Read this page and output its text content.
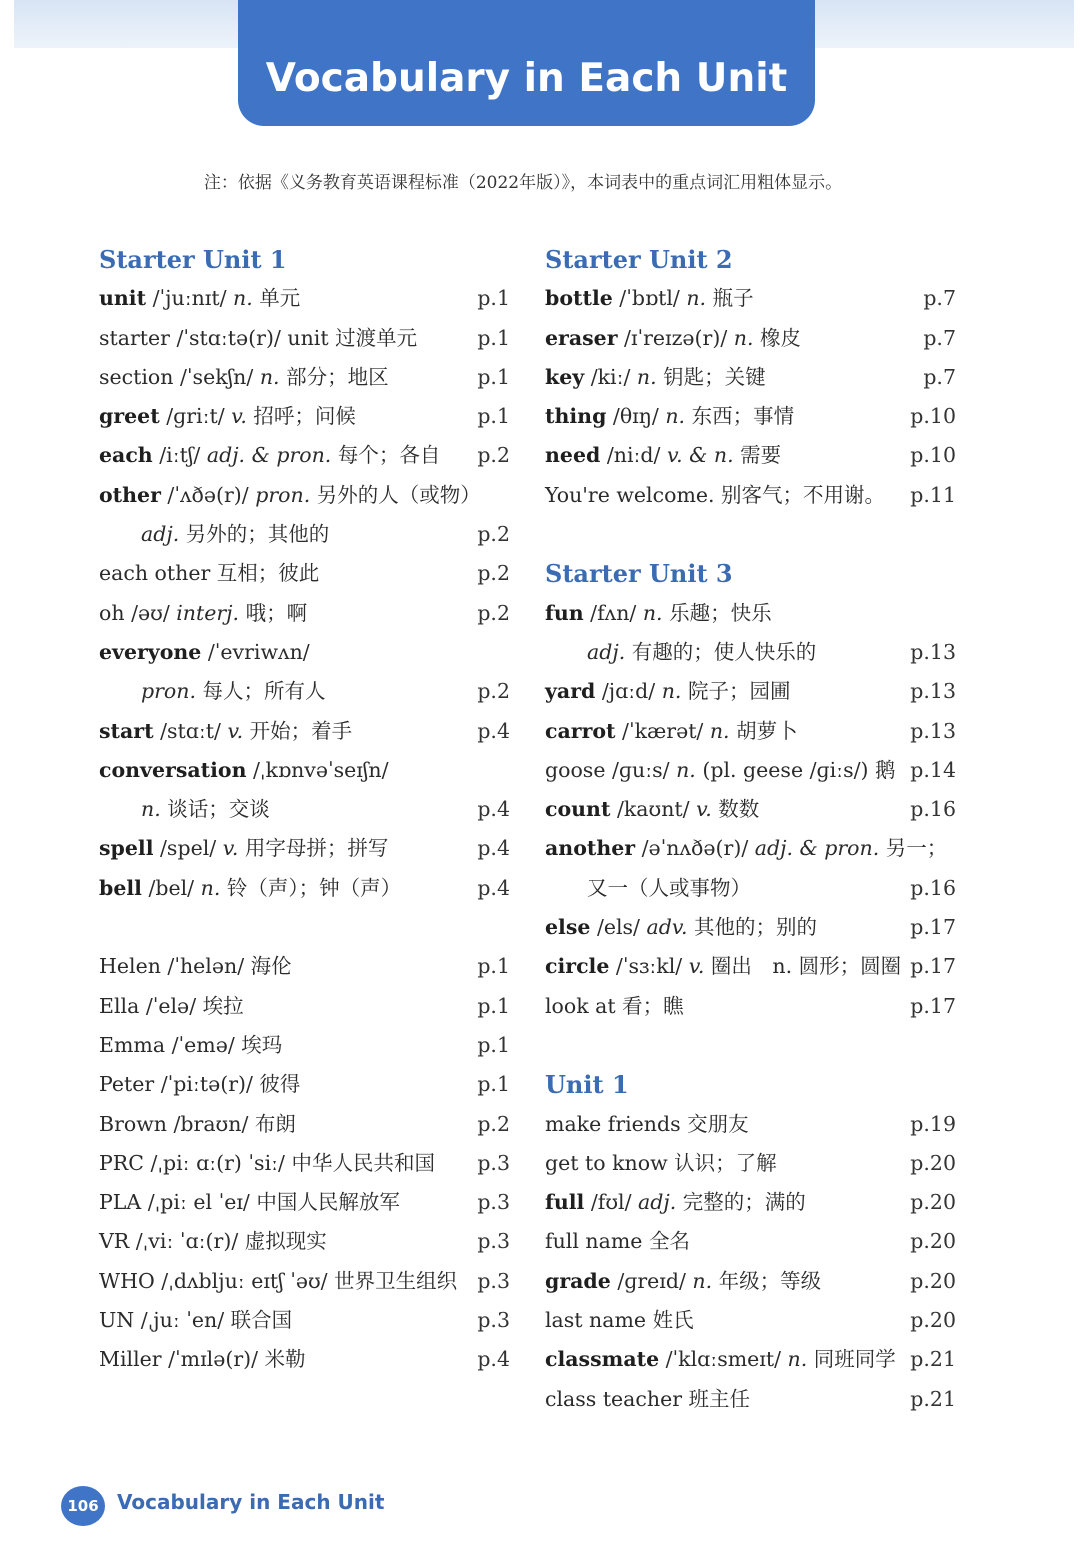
Vocabulary in Each Unit
注：依据《义务教育英语课程标准（2022年版）》，本词表中的重点词汇用粗体显示。
Starter Unit 1
unit /ˈjuːnɪt/ n. 单元	p.1
starter /ˈstɑːtə(r)/ unit 过渡单元	p.1
section /ˈsekʃn/ n. 部分；地区	p.1
greet /ɡriːt/ v. 招呼；问候	p.1
each /iːtʃ/ adj. & pron. 每个；各自 p.2
other /ˈʌðə(r)/ pron. 另外的人（或物）
adj. 另外的；其他的	p.2
each other 互相；彼此	p.2
oh /əʊ/ interj. 哦；啊	p.2
everyone /ˈevriwʌn/
pron. 每人；所有人	p.2
start /stɑːt/ v. 开始；着手	p.4
conversation /ˌkɒnvəˈseɪʃn/
n. 谈话；交谈	p.4
spell /spel/ v. 用字母拼；拼写	p.4
bell /bel/ n. 铃（声）；钟（声）	p.4
Helen /ˈhelən/ 海伦	p.1
Ella /ˈelə/ 埃拉	p.1
Emma /ˈemə/ 埃玛	p.1
Peter /ˈpiːtə(r)/ 彼得	p.1
Brown /braʊn/ 布朗	p.2
PRC /ˌpiː ɑː(r) ˈsiː/ 中华人民共和国 p.3
PLA /ˌpiː el ˈeɪ/ 中国人民解放军	p.3
VR /ˌviː ˈɑː(r)/ 虚拟现实	p.3
WHO /ˌdʌbljuː eɪtʃ ˈəʊ/ 世界卫生组织 p.3
UN /ˌjuː ˈen/ 联合国	p.3
Miller /ˈmɪlə(r)/ 米勒	p.4
Starter Unit 2
bottle /ˈbɒtl/ n. 瓶子	p.7
eraser /ɪˈreɪzə(r)/ n. 橡皮	p.7
key /kiː/ n. 钥匙；关键	p.7
thing /θɪŋ/ n. 东西；事情	p.10
need /niːd/ v. & n. 需要	p.10
You're welcome. 别客气；不用谢。 p.11
Starter Unit 3
fun /fʌn/ n. 乐趣；快乐
adj. 有趣的；使人快乐的	p.13
yard /jɑːd/ n. 院子；园圃	p.13
carrot /ˈkærət/ n. 胡萝卜	p.13
goose /ɡuːs/ n. (pl. geese /ɡiːs/) 鹅 p.14
count /kaʊnt/ v. 数数	p.16
another /əˈnʌðə(r)/ adj. & pron. 另一；
又一（人或事物）	p.16
else /els/ adv. 其他的；别的	p.17
circle /ˈsɜːkl/ v. 圈出　n. 圆形；圆圈 p.17
look at 看；瞧	p.17
Unit 1
make friends 交朋友	p.19
get to know 认识；了解	p.20
full /fʊl/ adj. 完整的；满的	p.20
full name 全名	p.20
grade /ɡreɪd/ n. 年级；等级	p.20
last name 姓氏	p.20
classmate /ˈklɑːsmeɪt/ n. 同班同学 p.21
class teacher 班主任	p.21
106 Vocabulary in Each Unit
